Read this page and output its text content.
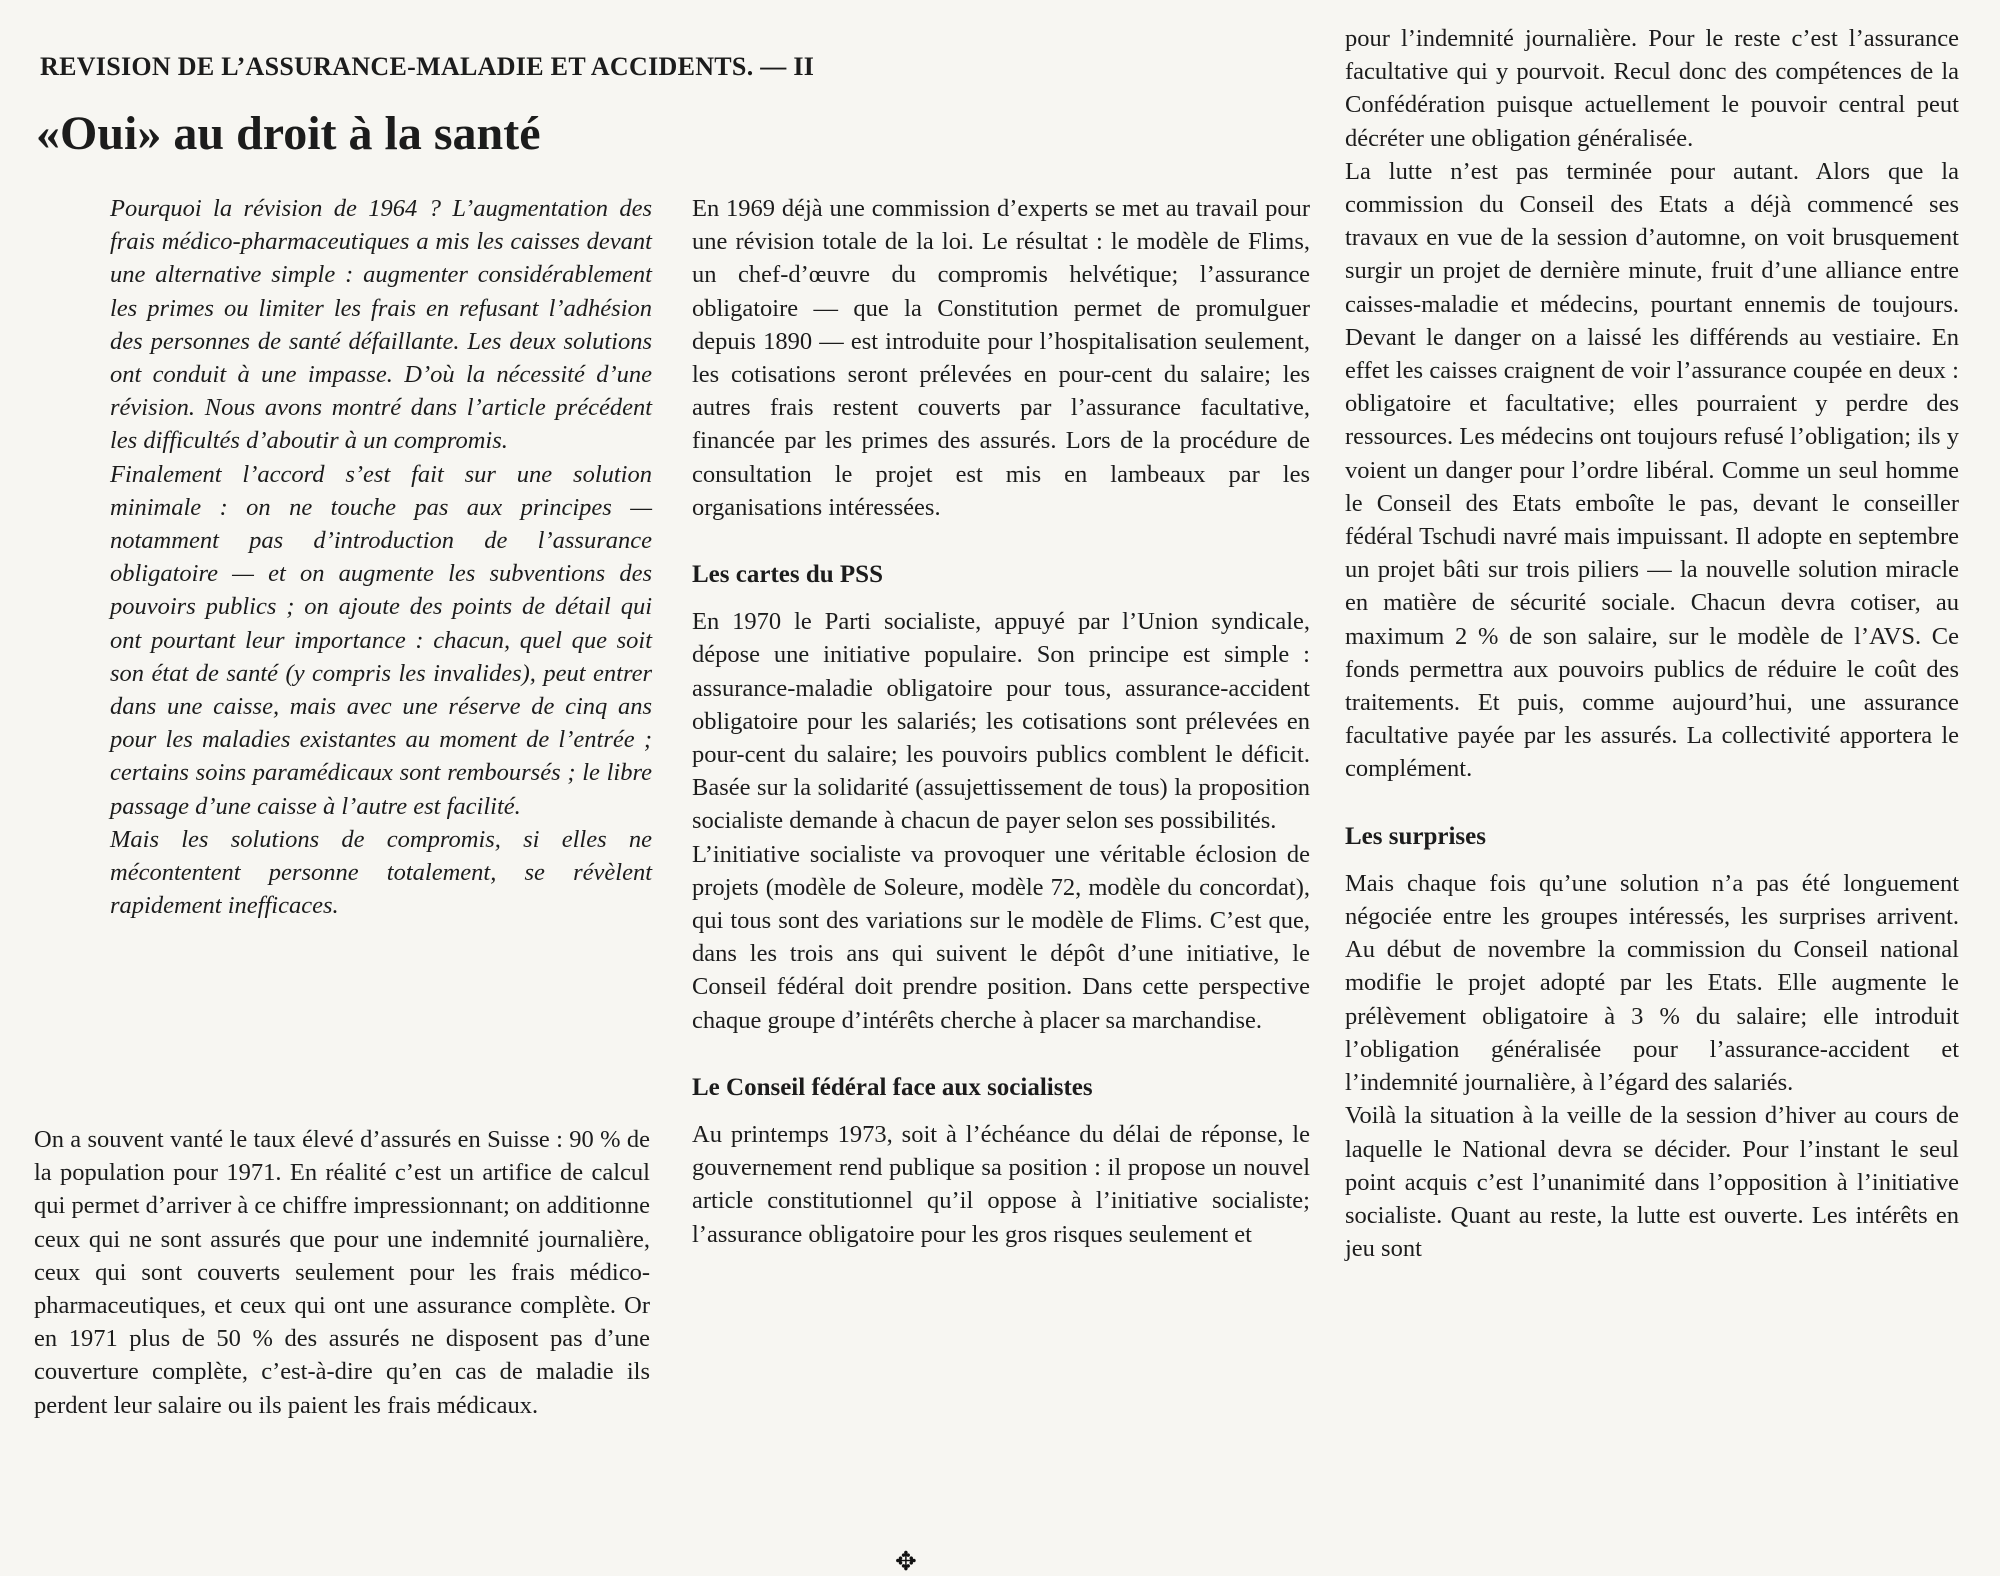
REVISION DE L’ASSURANCE-MALADIE ET ACCIDENTS. — II
«Oui» au droit à la santé

Pourquoi la révision de 1964 ? L’augmentation des frais médico-pharmaceutiques a mis les caisses devant une alternative simple : augmenter considérablement les primes ou limiter les frais en refusant l’adhésion des personnes de santé défaillante. Les deux solutions ont conduit à une impasse. D’où la nécessité d’une révision. Nous avons montré dans l’article précédent les difficultés d’aboutir à un compromis.

Finalement l’accord s’est fait sur une solution minimale : on ne touche pas aux principes — notamment pas d’introduction de l’assurance obligatoire — et on augmente les subventions des pouvoirs publics ; on ajoute des points de détail qui ont pourtant leur importance : chacun, quel que soit son état de santé (y compris les invalides), peut entrer dans une caisse, mais avec une réserve de cinq ans pour les maladies existantes au moment de l’entrée ; certains soins paramédicaux sont remboursés ; le libre passage d’une caisse à l’autre est facilité.

Mais les solutions de compromis, si elles ne mécontentent personne totalement, se révèlent rapidement inefficaces.

On a souvent vanté le taux élevé d’assurés en Suisse : 90 % de la population pour 1971. En réalité c’est un artifice de calcul qui permet d’arriver à ce chiffre impressionnant; on additionne ceux qui ne sont assurés que pour une indemnité journalière, ceux qui sont couverts seulement pour les frais médico-pharmaceutiques, et ceux qui ont une assurance complète. Or en 1971 plus de 50 % des assurés ne disposent pas d’une couverture complète, c’est-à-dire qu’en cas de maladie ils perdent leur salaire ou ils paient les frais médicaux.

En 1969 déjà une commission d’experts se met au travail pour une révision totale de la loi. Le résultat : le modèle de Flims, un chef-d’œuvre du compromis helvétique; l’assurance obligatoire — que la Constitution permet de promulguer depuis 1890 — est introduite pour l’hospitalisation seulement, les cotisations seront prélevées en pour-cent du salaire; les autres frais restent couverts par l’assurance facultative, financée par les primes des assurés. Lors de la procédure de consultation le projet est mis en lambeaux par les organisations intéressées.

Les cartes du PSS

En 1970 le Parti socialiste, appuyé par l’Union syndicale, dépose une initiative populaire. Son principe est simple : assurance-maladie obligatoire pour tous, assurance-accident obligatoire pour les salariés; les cotisations sont prélevées en pour-cent du salaire; les pouvoirs publics comblent le déficit. Basée sur la solidarité (assujettissement de tous) la proposition socialiste demande à chacun de payer selon ses possibilités.

L’initiative socialiste va provoquer une véritable éclosion de projets (modèle de Soleure, modèle 72, modèle du concordat), qui tous sont des variations sur le modèle de Flims. C’est que, dans les trois ans qui suivent le dépôt d’une initiative, le Conseil fédéral doit prendre position. Dans cette perspective chaque groupe d’intérêts cherche à placer sa marchandise.

Le Conseil fédéral face aux socialistes

Au printemps 1973, soit à l’échéance du délai de réponse, le gouvernement rend publique sa position : il propose un nouvel article constitutionnel qu’il oppose à l’initiative socialiste; l’assurance obligatoire pour les gros risques seulement et

pour l’indemnité journalière. Pour le reste c’est l’assurance facultative qui y pourvoit. Recul donc des compétences de la Confédération puisque actuellement le pouvoir central peut décréter une obligation généralisée.

La lutte n’est pas terminée pour autant. Alors que la commission du Conseil des Etats a déjà commencé ses travaux en vue de la session d’automne, on voit brusquement surgir un projet de dernière minute, fruit d’une alliance entre caisses-maladie et médecins, pourtant ennemis de toujours. Devant le danger on a laissé les différends au vestiaire. En effet les caisses craignent de voir l’assurance coupée en deux : obligatoire et facultative; elles pourraient y perdre des ressources. Les médecins ont toujours refusé l’obligation; ils y voient un danger pour l’ordre libéral. Comme un seul homme le Conseil des Etats emboîte le pas, devant le conseiller fédéral Tschudi navré mais impuissant. Il adopte en septembre un projet bâti sur trois piliers — la nouvelle solution miracle en matière de sécurité sociale. Chacun devra cotiser, au maximum 2 % de son salaire, sur le modèle de l’AVS. Ce fonds permettra aux pouvoirs publics de réduire le coût des traitements. Et puis, comme aujourd’hui, une assurance facultative payée par les assurés. La collectivité apportera le complément.

Les surprises

Mais chaque fois qu’une solution n’a pas été longuement négociée entre les groupes intéressés, les surprises arrivent. Au début de novembre la commission du Conseil national modifie le projet adopté par les Etats. Elle augmente le prélèvement obligatoire à 3 % du salaire; elle introduit l’obligation généralisée pour l’assurance-accident et l’indemnité journalière, à l’égard des salariés.

Voilà la situation à la veille de la session d’hiver au cours de laquelle le National devra se décider. Pour l’instant le seul point acquis c’est l’unanimité dans l’opposition à l’initiative socialiste. Quant au reste, la lutte est ouverte. Les intérêts en jeu sont

✥
